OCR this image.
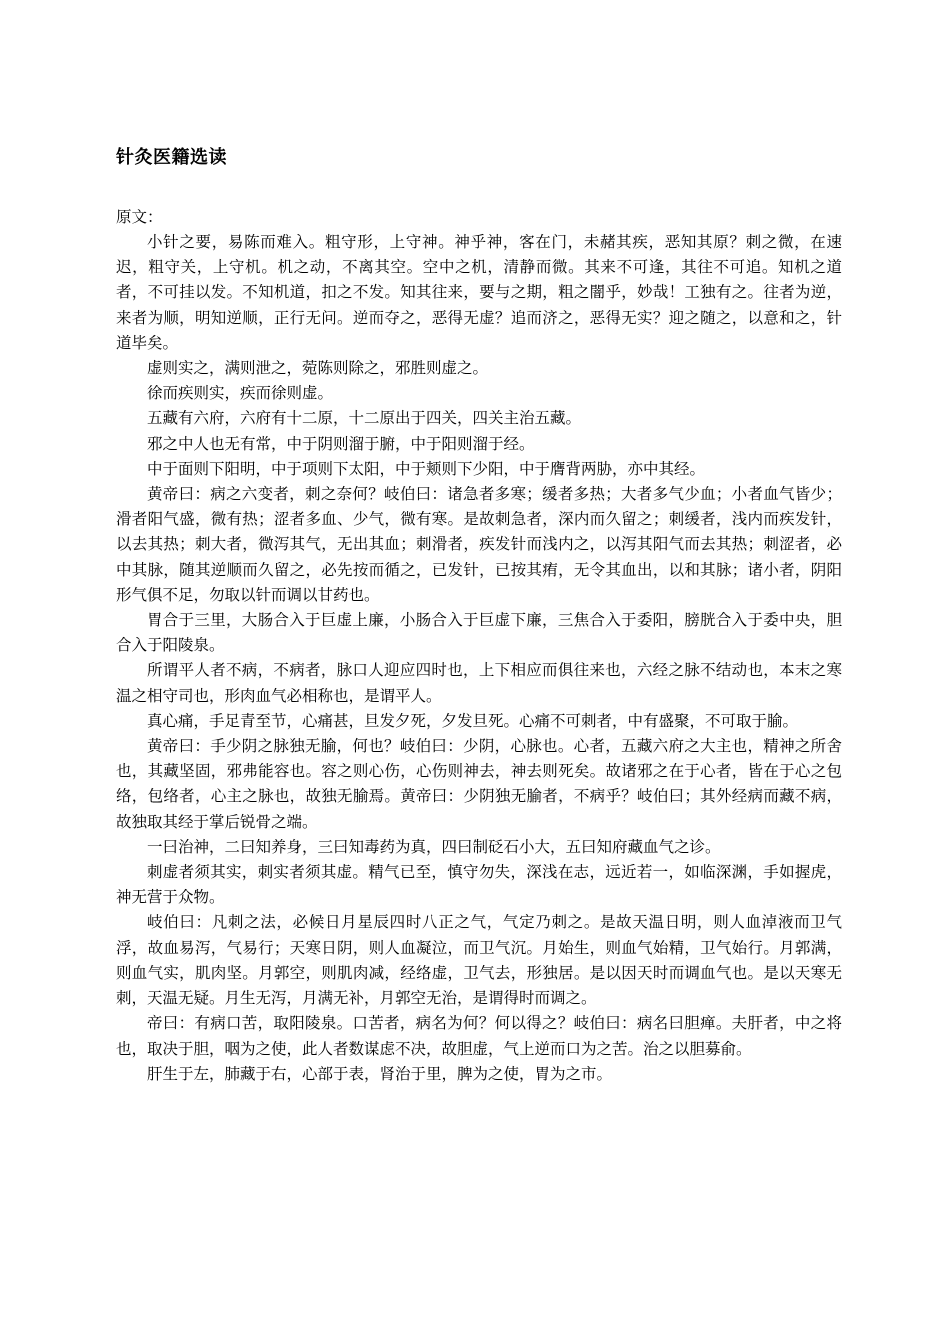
针灸医籍选读

原文：

小针之要，易陈而难入。粗守形，上守神。神乎神，客在门，未赭其疾，恶知其原？刺之微，在速迟，粗守关，上守机。机之动，不离其空。空中之机，清静而微。其来不可逢，其往不可追。知机之道者，不可挂以发。不知机道，扣之不发。知其往来，要与之期，粗之闇乎，妙哉！工独有之。往者为逆，来者为顺，明知逆顺，正行无问。逆而夺之，恶得无虚？追而济之，恶得无实？迎之随之，以意和之，针道毕矣。

虚则实之，满则泄之，菀陈则除之，邪胜则虚之。

徐而疾则实，疾而徐则虚。

五藏有六府，六府有十二原，十二原出于四关，四关主治五藏。

邪之中人也无有常，中于阴则溜于腑，中于阳则溜于经。

中于面则下阳明，中于项则下太阳，中于颊则下少阳，中于膺背两胁，亦中其经。

黄帝曰：病之六变者，刺之奈何？岐伯曰：诸急者多寒；缓者多热；大者多气少血；小者血气皆少；滑者阳气盛，微有热；涩者多血、少气，微有寒。是故刺急者，深内而久留之；刺缓者，浅内而疾发针，以去其热；刺大者，微泻其气，无出其血；刺滑者，疾发针而浅内之，以泻其阳气而去其热；刺涩者，必中其脉，随其逆顺而久留之，必先按而循之，已发针，已按其痏，无令其血出，以和其脉；诸小者，阴阳形气俱不足，勿取以针而调以甘药也。

胃合于三里，大肠合入于巨虚上廉，小肠合入于巨虚下廉，三焦合入于委阳，膀胱合入于委中央，胆合入于阳陵泉。

所谓平人者不病，不病者，脉口人迎应四时也，上下相应而俱往来也，六经之脉不结动也，本末之寒温之相守司也，形肉血气必相称也，是谓平人。

真心痛，手足青至节，心痛甚，旦发夕死，夕发旦死。心痛不可刺者，中有盛聚，不可取于腧。

黄帝曰：手少阴之脉独无腧，何也？岐伯曰：少阴，心脉也。心者，五藏六府之大主也，精神之所舍也，其藏坚固，邪弗能容也。容之则心伤，心伤则神去，神去则死矣。故诸邪之在于心者，皆在于心之包络，包络者，心主之脉也，故独无腧焉。黄帝曰：少阴独无腧者，不病乎？岐伯曰；其外经病而藏不病，故独取其经于掌后锐骨之端。

一曰治神，二曰知养身，三曰知毒药为真，四曰制砭石小大，五曰知府藏血气之诊。

刺虚者须其实，刺实者须其虚。精气已至，慎守勿失，深浅在志，远近若一，如临深渊，手如握虎，神无营于众物。

岐伯曰：凡刺之法，必候日月星辰四时八正之气，气定乃刺之。是故天温日明，则人血淖液而卫气浮，故血易泻，气易行；天寒日阴，则人血凝泣，而卫气沉。月始生，则血气始精，卫气始行。月郭满，则血气实，肌肉坚。月郭空，则肌肉减，经络虚，卫气去，形独居。是以因天时而调血气也。是以天寒无刺，天温无疑。月生无泻，月满无补，月郭空无治，是谓得时而调之。

帝曰：有病口苦，取阳陵泉。口苦者，病名为何？何以得之？岐伯曰：病名曰胆瘅。夫肝者，中之将也，取决于胆，咽为之使，此人者数谋虑不决，故胆虚，气上逆而口为之苦。治之以胆募俞。

肝生于左，肺藏于右，心部于表，肾治于里，脾为之使，胃为之市。
